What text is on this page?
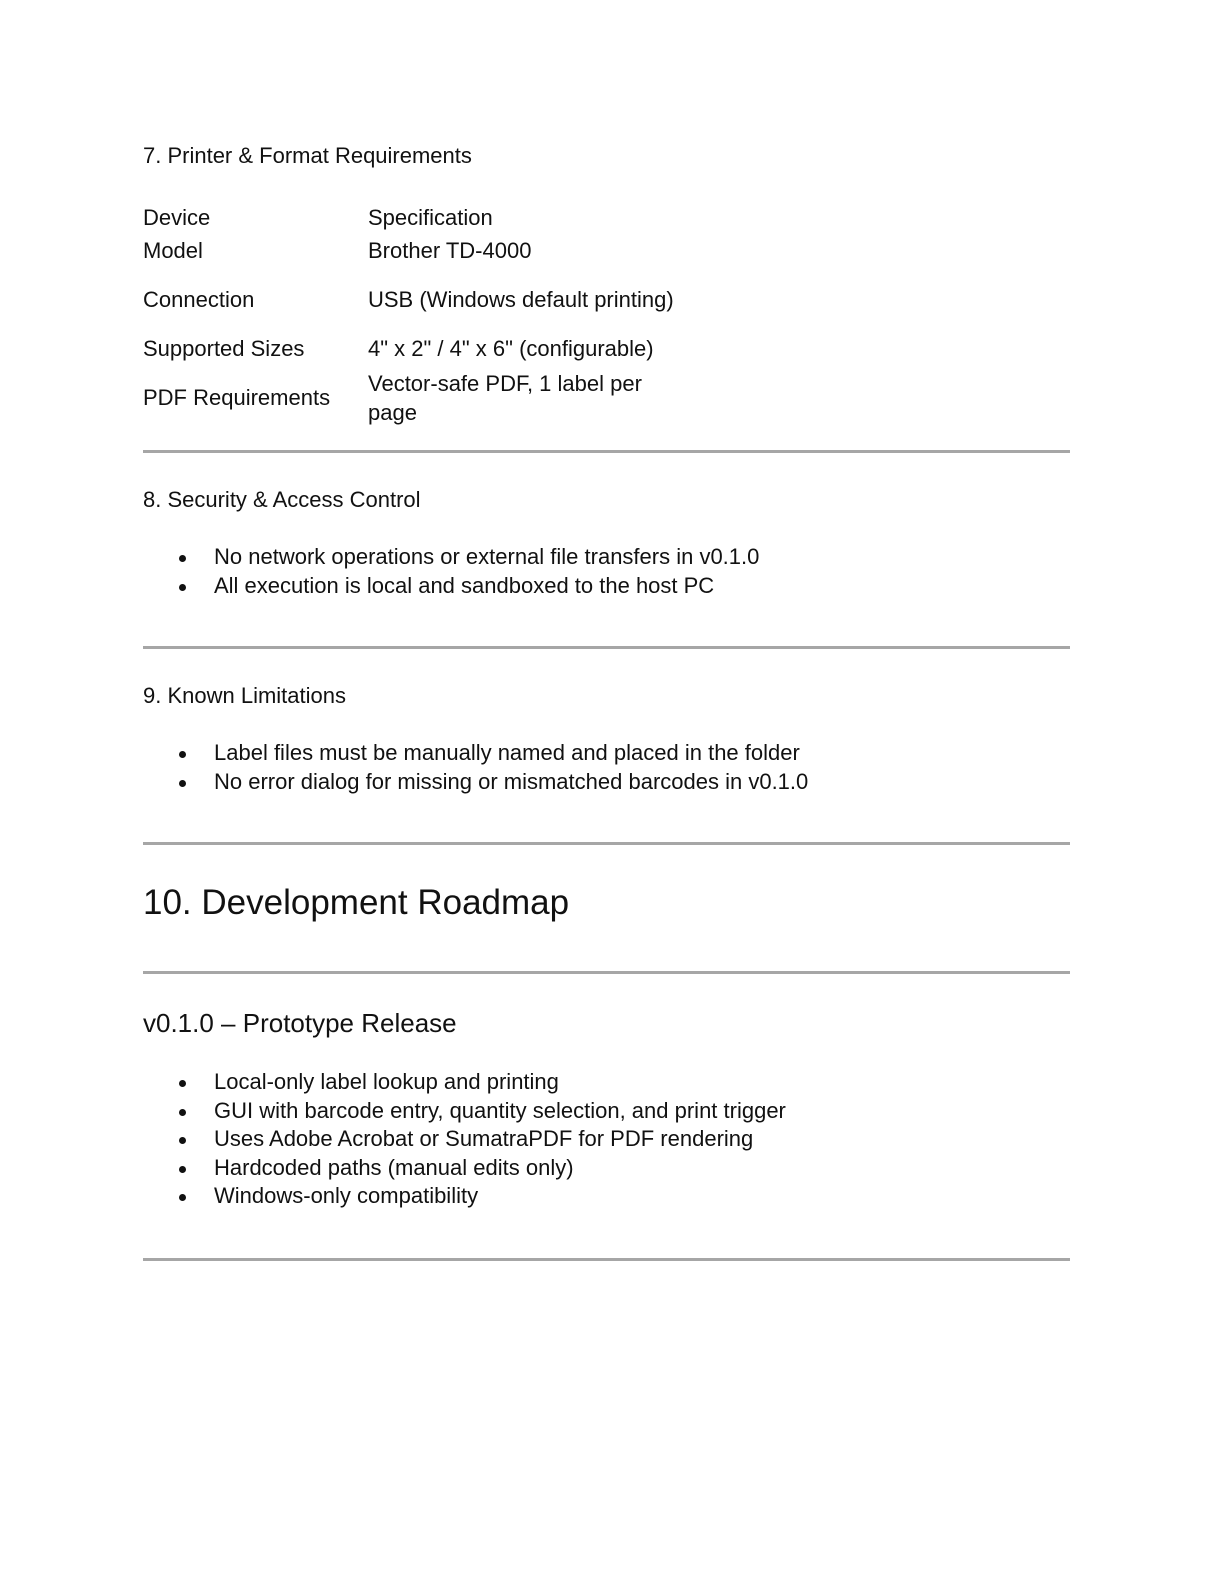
7. Printer & Format Requirements
Device	Specification
Model	Brother TD-4000
Connection	USB (Windows default printing)
Supported Sizes	4" x 2" / 4" x 6" (configurable)
PDF Requirements	Vector-safe PDF, 1 label per page
8. Security & Access Control
No network operations or external file transfers in v0.1.0
All execution is local and sandboxed to the host PC
9. Known Limitations
Label files must be manually named and placed in the folder
No error dialog for missing or mismatched barcodes in v0.1.0
10. Development Roadmap
v0.1.0 – Prototype Release
Local-only label lookup and printing
GUI with barcode entry, quantity selection, and print trigger
Uses Adobe Acrobat or SumatraPDF for PDF rendering
Hardcoded paths (manual edits only)
Windows-only compatibility
